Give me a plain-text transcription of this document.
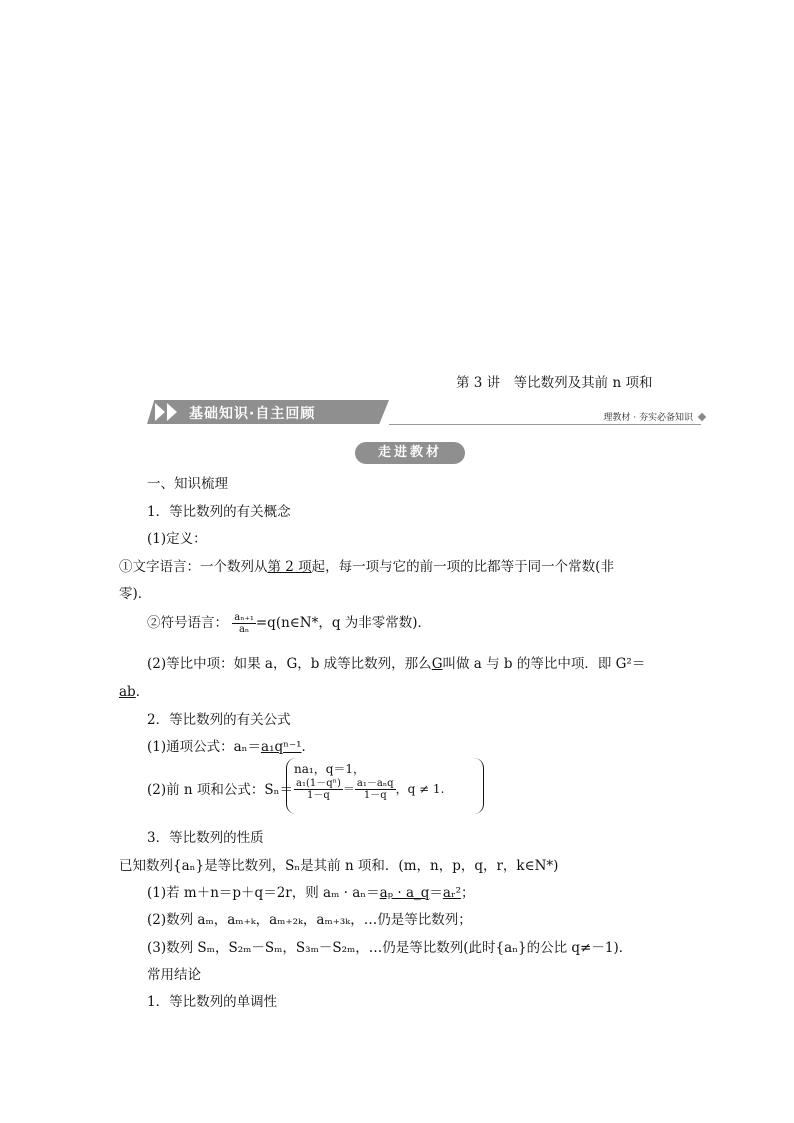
第 3 讲　等比数列及其前 n 项和
基础知识·自主回顾	理教材 · 夯实必备知识
走进教材
一、知识梳理
1．等比数列的有关概念
(1)定义：
①文字语言：一个数列从第 2 项起，每一项与它的前一项的比都等于同一个常数(非
零)．
②符号语言： $\frac{\text{aₙ₊₁}}{\text{aₙ}}$ =q(n∈N*，q 为非零常数)．
(2)等比中项：如果 a，G，b 成等比数列，那么G叫做 a 与 b 的等比中项．即 G²＝
ab．
2．等比数列的有关公式
(1)通项公式：aₙ＝a₁qⁿ⁻¹．
(2)前 n 项和公式：Sₙ＝
na₁，q＝1，
$\frac{\text{a₁(1－qⁿ)}}{1-q} = \frac{\text{a₁－aₙq}}{1-q}$ ，q ≠ 1.
3．等比数列的性质
已知数列{aₙ}是等比数列，Sₙ是其前 n 项和．(m，n，p，q，r，k∈N*)
(1)若 m＋n＝p＋q＝2r，则 aₘ · aₙ＝aₚ · a_q＝aᵣ²；
(2)数列 aₘ，aₘ₊ₖ，aₘ₊₂ₖ，aₘ₊₃ₖ，…仍是等比数列；
(3)数列 Sₘ，S₂ₘ－Sₘ，S₃ₘ－S₂ₘ，…仍是等比数列(此时{aₙ}的公比 q≠－1)．
常用结论
1．等比数列的单调性
